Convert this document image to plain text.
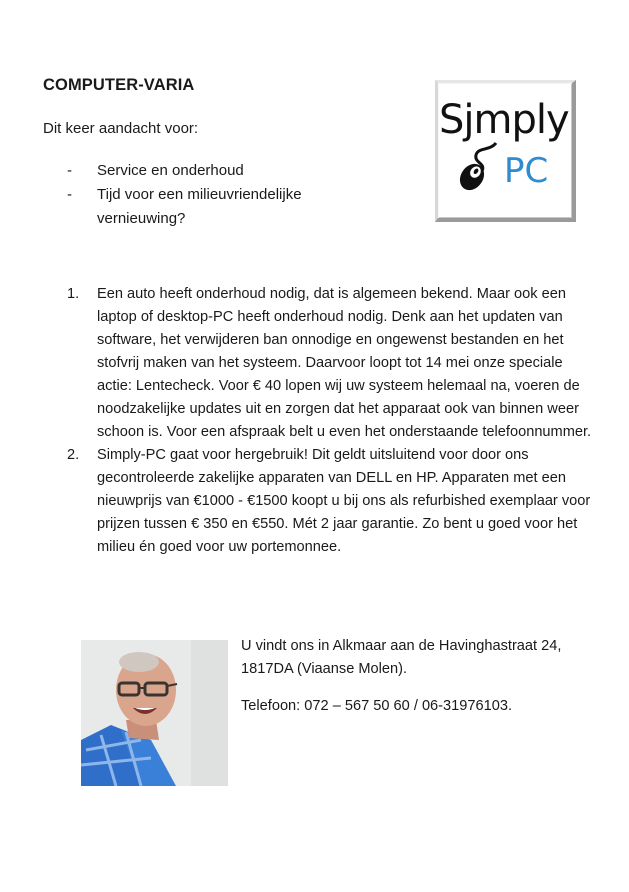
COMPUTER-VARIA
Dit keer aandacht voor:
- Service en onderhoud
- Tijd voor een milieuvriendelijke vernieuwing?
Sjmply
PC
1. Een auto heeft onderhoud nodig, dat is algemeen bekend. Maar ook een laptop of desktop-PC heeft onderhoud nodig. Denk aan het updaten van software, het verwijderen ban onnodige en ongewenst bestanden en het stofvrij maken van het systeem. Daarvoor loopt tot 14 mei onze speciale actie: Lentecheck. Voor € 40 lopen wij uw systeem helemaal na, voeren de noodzakelijke updates uit en zorgen dat het apparaat ook van binnen weer schoon is. Voor een afspraak belt u even het onderstaande telefoonnummer.
2. Simply-PC gaat voor hergebruik! Dit geldt uitsluitend voor door ons gecontroleerde zakelijke apparaten van DELL en HP. Apparaten met een nieuwprijs van €1000 - €1500 koopt u bij ons als refurbished exemplaar voor prijzen tussen € 350 en €550. Mét 2 jaar garantie. Zo bent u goed voor het milieu én goed voor uw portemonnee.

U vindt ons in Alkmaar aan de Havinghastraat 24, 1817DA (Viaanse Molen).

Telefoon: 072 – 567 50 60 / 06-31976103.
